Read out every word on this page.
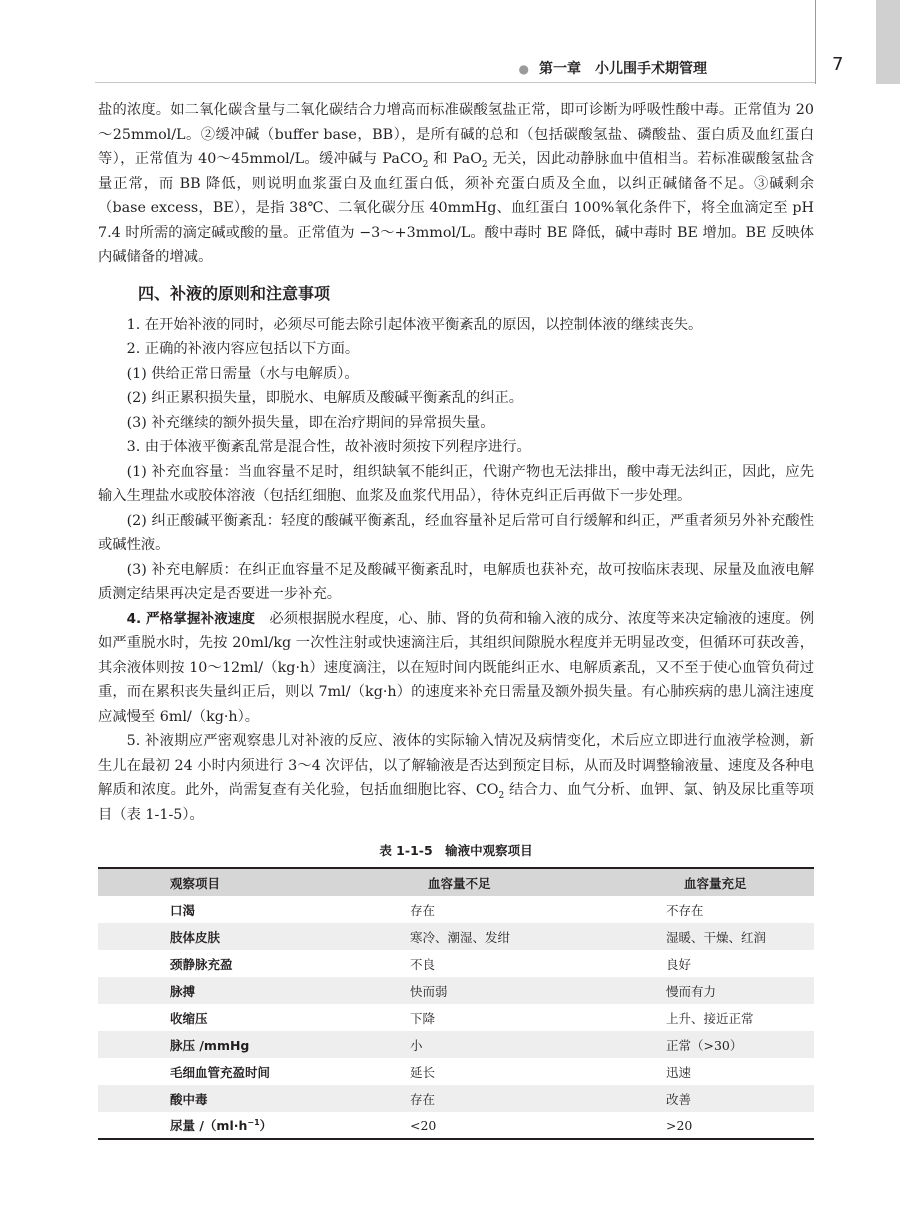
● 第一章　小儿围手术期管理	7

盐的浓度。如二氧化碳含量与二氧化碳结合力增高而标准碳酸氢盐正常，即可诊断为呼吸性酸中毒。正常值为 20～25mmol/L。②缓冲碱（buffer base，BB），是所有碱的总和（包括碳酸氢盐、磷酸盐、蛋白质及血红蛋白等），正常值为 40～45mmol/L。缓冲碱与 PaCO$_2$ 和 PaO$_2$ 无关，因此动静脉血中值相当。若标准碳酸氢盐含量正常，而 BB 降低，则说明血浆蛋白及血红蛋白低，须补充蛋白质及全血，以纠正碱储备不足。③碱剩余（base excess，BE），是指 38℃、二氧化碳分压 40mmHg、血红蛋白 100%氧化条件下，将全血滴定至 pH 7.4 时所需的滴定碱或酸的量。正常值为 −3～+3mmol/L。酸中毒时 BE 降低，碱中毒时 BE 增加。BE 反映体内碱储备的增减。

四、补液的原则和注意事项

1. 在开始补液的同时，必须尽可能去除引起体液平衡紊乱的原因，以控制体液的继续丧失。

2. 正确的补液内容应包括以下方面。

(1) 供给正常日需量（水与电解质）。

(2) 纠正累积损失量，即脱水、电解质及酸碱平衡紊乱的纠正。

(3) 补充继续的额外损失量，即在治疗期间的异常损失量。

3. 由于体液平衡紊乱常是混合性，故补液时须按下列程序进行。

(1) 补充血容量：当血容量不足时，组织缺氧不能纠正，代谢产物也无法排出，酸中毒无法纠正，因此，应先输入生理盐水或胶体溶液（包括红细胞、血浆及血浆代用品），待休克纠正后再做下一步处理。

(2) 纠正酸碱平衡紊乱：轻度的酸碱平衡紊乱，经血容量补足后常可自行缓解和纠正，严重者须另外补充酸性或碱性液。

(3) 补充电解质：在纠正血容量不足及酸碱平衡紊乱时，电解质也获补充，故可按临床表现、尿量及血液电解质测定结果再决定是否要进一步补充。

4. 严格掌握补液速度　必须根据脱水程度，心、肺、肾的负荷和输入液的成分、浓度等来决定输液的速度。例如严重脱水时，先按 20ml/kg 一次性注射或快速滴注后，其组织间隙脱水程度并无明显改变，但循环可获改善，其余液体则按 10～12ml/（kg·h）速度滴注，以在短时间内既能纠正水、电解质紊乱，又不至于使心血管负荷过重，而在累积丧失量纠正后，则以 7ml/（kg·h）的速度来补充日需量及额外损失量。有心肺疾病的患儿滴注速度应减慢至 6ml/（kg·h）。

5. 补液期应严密观察患儿对补液的反应、液体的实际输入情况及病情变化，术后应立即进行血液学检测，新生儿在最初 24 小时内须进行 3～4 次评估，以了解输液是否达到预定目标，从而及时调整输液量、速度及各种电解质和浓度。此外，尚需复查有关化验，包括血细胞比容、$CO_2$ 结合力、血气分析、血钾、氯、钠及尿比重等项目（表 1-1-5）。

表 1-1-5　输液中观察项目
观察项目	血容量不足	血容量充足
口渴	存在	不存在
肢体皮肤	寒冷、潮湿、发绀	湿暖、干燥、红润
颈静脉充盈	不良	良好
脉搏	快而弱	慢而有力
收缩压	下降	上升、接近正常
脉压 /mmHg	小	正常（>30）
毛细血管充盈时间	延长	迅速
酸中毒	存在	改善
尿量 $/(ml\cdot h^{-1})$	<20	>20
